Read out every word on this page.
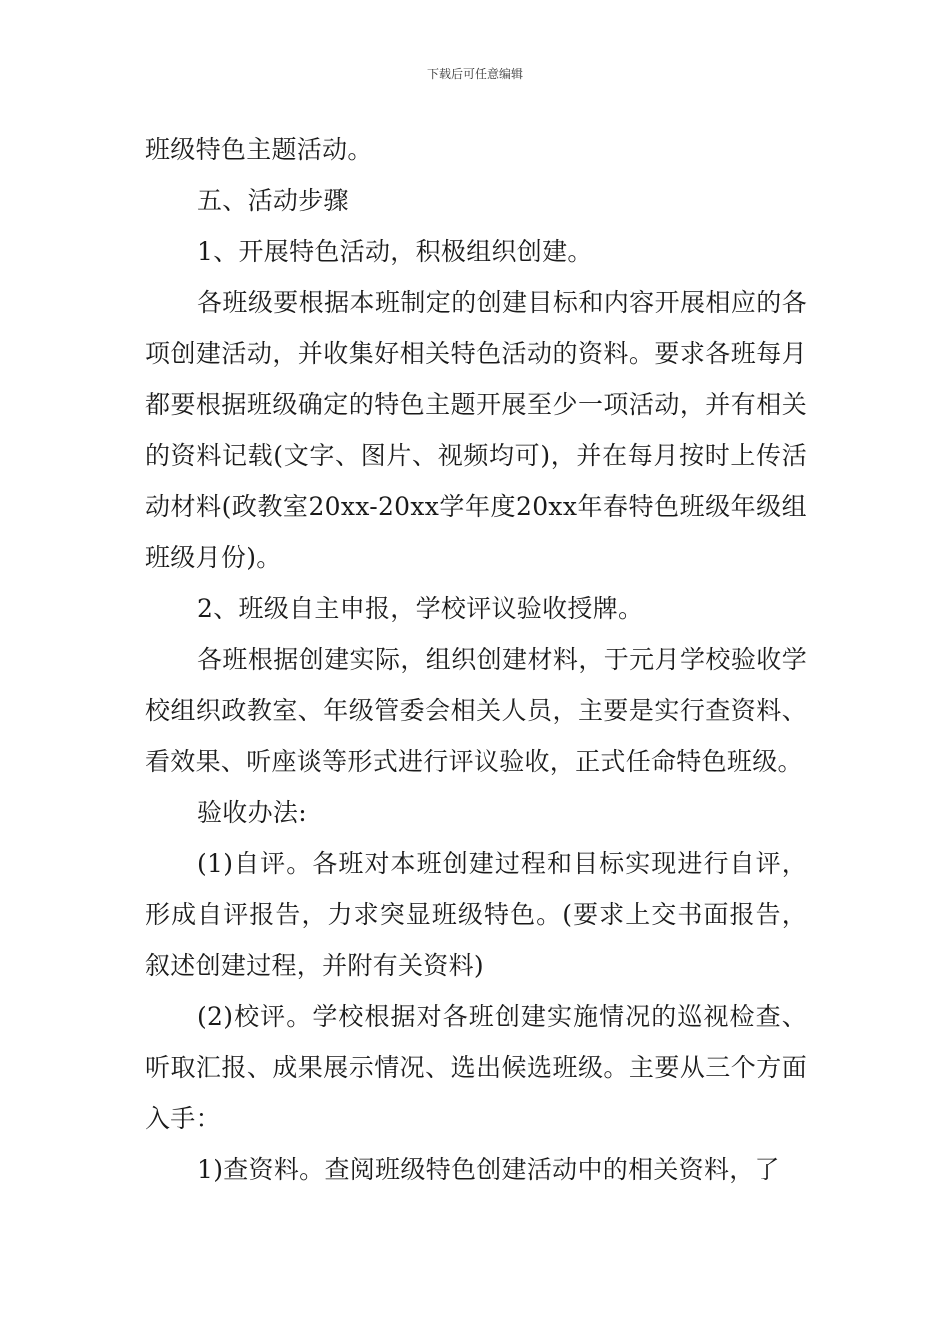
下载后可任意编辑

班级特色主题活动。

五、活动步骤

1、开展特色活动，积极组织创建。

各班级要根据本班制定的创建目标和内容开展相应的各项创建活动，并收集好相关特色活动的资料。要求各班每月都要根据班级确定的特色主题开展至少一项活动，并有相关的资料记载(文字、图片、视频均可)，并在每月按时上传活动材料(政教室20xx-20xx学年度20xx年春特色班级年级组班级月份)。

2、班级自主申报，学校评议验收授牌。

各班根据创建实际，组织创建材料，于元月学校验收学校组织政教室、年级管委会相关人员，主要是实行查资料、看效果、听座谈等形式进行评议验收，正式任命特色班级。

验收办法:

(1)自评。各班对本班创建过程和目标实现进行自评，形成自评报告，力求突显班级特色。(要求上交书面报告，叙述创建过程，并附有关资料)

(2)校评。学校根据对各班创建实施情况的巡视检查、听取汇报、成果展示情况、选出候选班级。主要从三个方面入手：

1)查资料。查阅班级特色创建活动中的相关资料，了
